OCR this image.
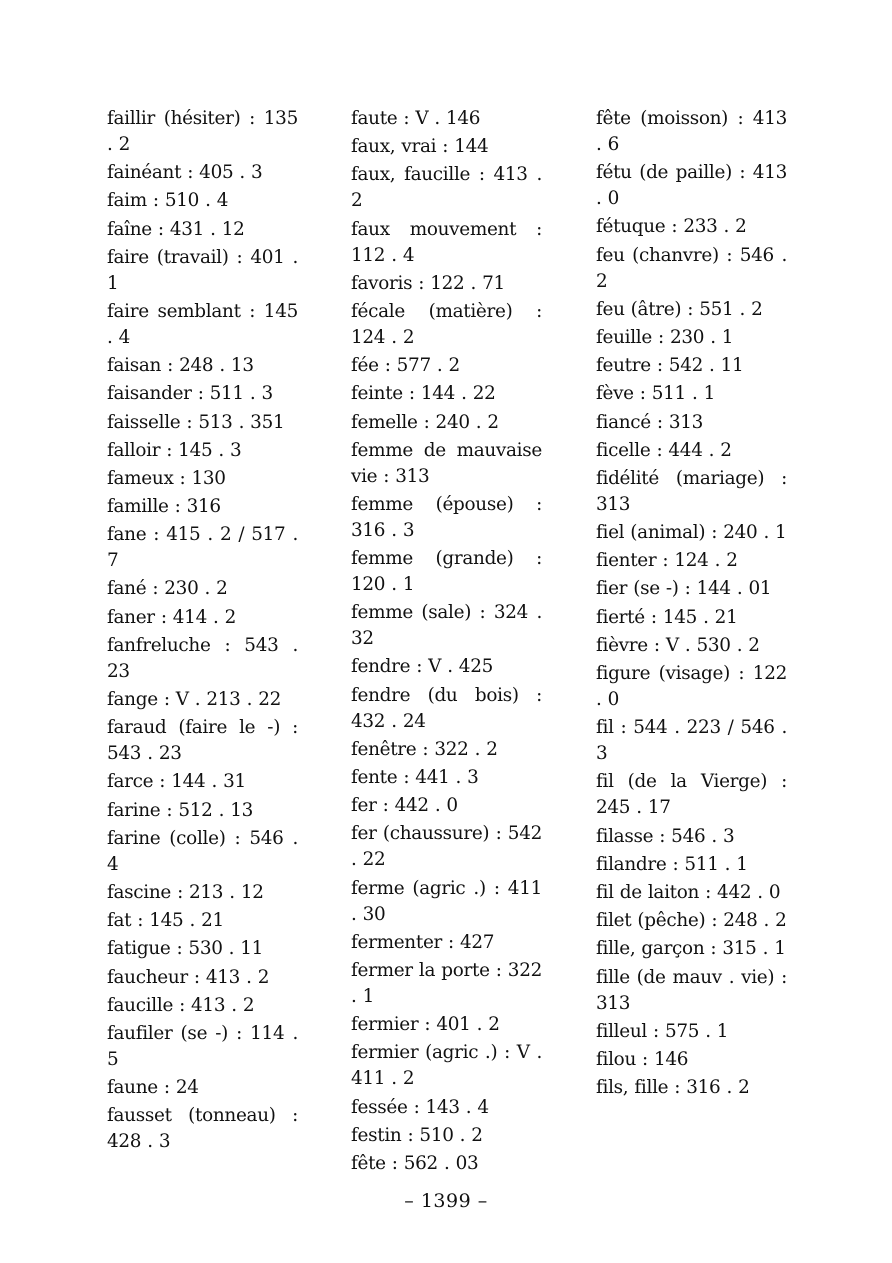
faillir (hésiter) : 135 . 2
fainéant : 405 . 3
faim : 510 . 4
faîne : 431 . 12
faire (travail) : 401 . 1
faire semblant : 145 . 4
faisan : 248 . 13
faisander : 511 . 3
faisselle : 513 . 351
falloir : 145 . 3
fameux : 130
famille : 316
fane : 415 . 2 / 517 . 7
fané : 230 . 2
faner : 414 . 2
fanfreluche : 543 . 23
fange : V . 213 . 22
faraud (faire le -) : 543 . 23
farce : 144 . 31
farine : 512 . 13
farine (colle) : 546 . 4
fascine : 213 . 12
fat : 145 . 21
fatigue : 530 . 11
faucheur : 413 . 2
faucille : 413 . 2
faufiler (se -) : 114 . 5
faune : 24
fausset (tonneau) : 428 . 3
faute : V . 146
faux, vrai : 144
faux, faucille : 413 . 2
faux mouvement : 112 . 4
favoris : 122 . 71
fécale (matière) : 124 . 2
fée : 577 . 2
feinte : 144 . 22
femelle : 240 . 2
femme de mauvaise vie : 313
femme (épouse) : 316 . 3
femme (grande) : 120 . 1
femme (sale) : 324 . 32
fendre : V . 425
fendre (du bois) : 432 . 24
fenêtre : 322 . 2
fente : 441 . 3
fer : 442 . 0
fer (chaussure) : 542 . 22
ferme (agric .) : 411 . 30
fermenter : 427
fermer la porte : 322 . 1
fermier : 401 . 2
fermier (agric .) : V . 411 . 2
fessée : 143 . 4
festin : 510 . 2
fête : 562 . 03
fête (moisson) : 413 . 6
fétu (de paille) : 413 . 0
fétuque : 233 . 2
feu (chanvre) : 546 . 2
feu (âtre) : 551 . 2
feuille : 230 . 1
feutre : 542 . 11
fève : 511 . 1
fiancé : 313
ficelle : 444 . 2
fidélité (mariage) : 313
fiel (animal) : 240 . 1
fienter : 124 . 2
fier (se -) : 144 . 01
fierté : 145 . 21
fièvre : V . 530 . 2
figure (visage) : 122 . 0
fil : 544 . 223 / 546 . 3
fil (de la Vierge) : 245 . 17
filasse : 546 . 3
filandre : 511 . 1
fil de laiton : 442 . 0
filet (pêche) : 248 . 2
fille, garçon : 315 . 1
fille (de mauv . vie) : 313
filleul : 575 . 1
filou : 146
fils, fille : 316 . 2
– 1399 –
